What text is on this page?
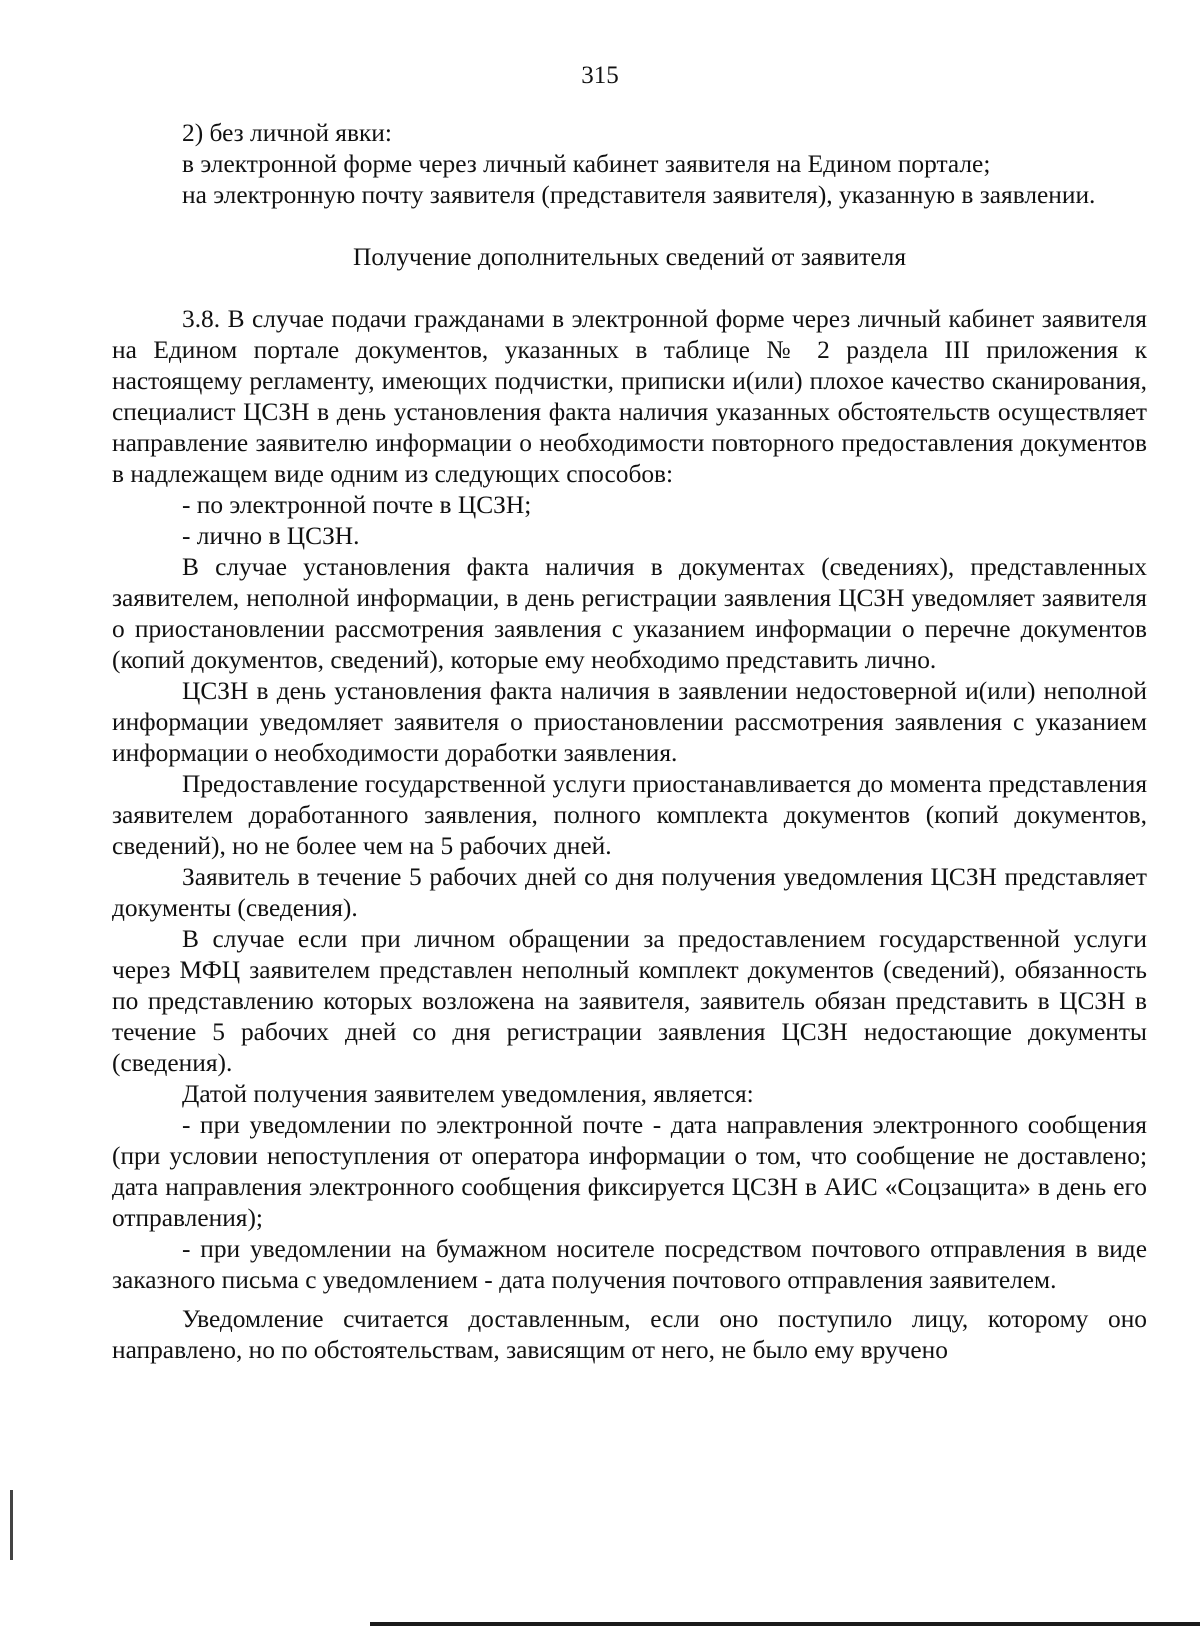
315

2) без личной явки:

в электронной форме через личный кабинет заявителя на Едином портале;

на электронную почту заявителя (представителя заявителя), указанную в заявлении.

Получение дополнительных сведений от заявителя

3.8. В случае подачи гражданами в электронной форме через личный кабинет заявителя на Едином портале документов, указанных в таблице № 2 раздела III приложения к настоящему регламенту, имеющих подчистки, приписки и(или) плохое качество сканирования, специалист ЦСЗН в день установления факта наличия указанных обстоятельств осуществляет направление заявителю информации о необходимости повторного предоставления документов в надлежащем виде одним из следующих способов:

- по электронной почте в ЦСЗН;

- лично в ЦСЗН.

В случае установления факта наличия в документах (сведениях), представленных заявителем, неполной информации, в день регистрации заявления ЦСЗН уведомляет заявителя о приостановлении рассмотрения заявления с указанием информации о перечне документов (копий документов, сведений), которые ему необходимо представить лично.

ЦСЗН в день установления факта наличия в заявлении недостоверной и(или) неполной информации уведомляет заявителя о приостановлении рассмотрения заявления с указанием информации о необходимости доработки заявления.

Предоставление государственной услуги приостанавливается до момента представления заявителем доработанного заявления, полного комплекта документов (копий документов, сведений), но не более чем на 5 рабочих дней.

Заявитель в течение 5 рабочих дней со дня получения уведомления ЦСЗН представляет документы (сведения).

В случае если при личном обращении за предоставлением государственной услуги через МФЦ заявителем представлен неполный комплект документов (сведений), обязанность по представлению которых возложена на заявителя, заявитель обязан представить в ЦСЗН в течение 5 рабочих дней со дня регистрации заявления ЦСЗН недостающие документы (сведения).

Датой получения заявителем уведомления, является:

- при уведомлении по электронной почте - дата направления электронного сообщения (при условии непоступления от оператора информации о том, что сообщение не доставлено; дата направления электронного сообщения фиксируется ЦСЗН в АИС «Соцзащита» в день его отправления);

- при уведомлении на бумажном носителе посредством почтового отправления в виде заказного письма с уведомлением - дата получения почтового отправления заявителем.

Уведомление считается доставленным, если оно поступило лицу, которому оно направлено, но по обстоятельствам, зависящим от него, не было ему вручено
